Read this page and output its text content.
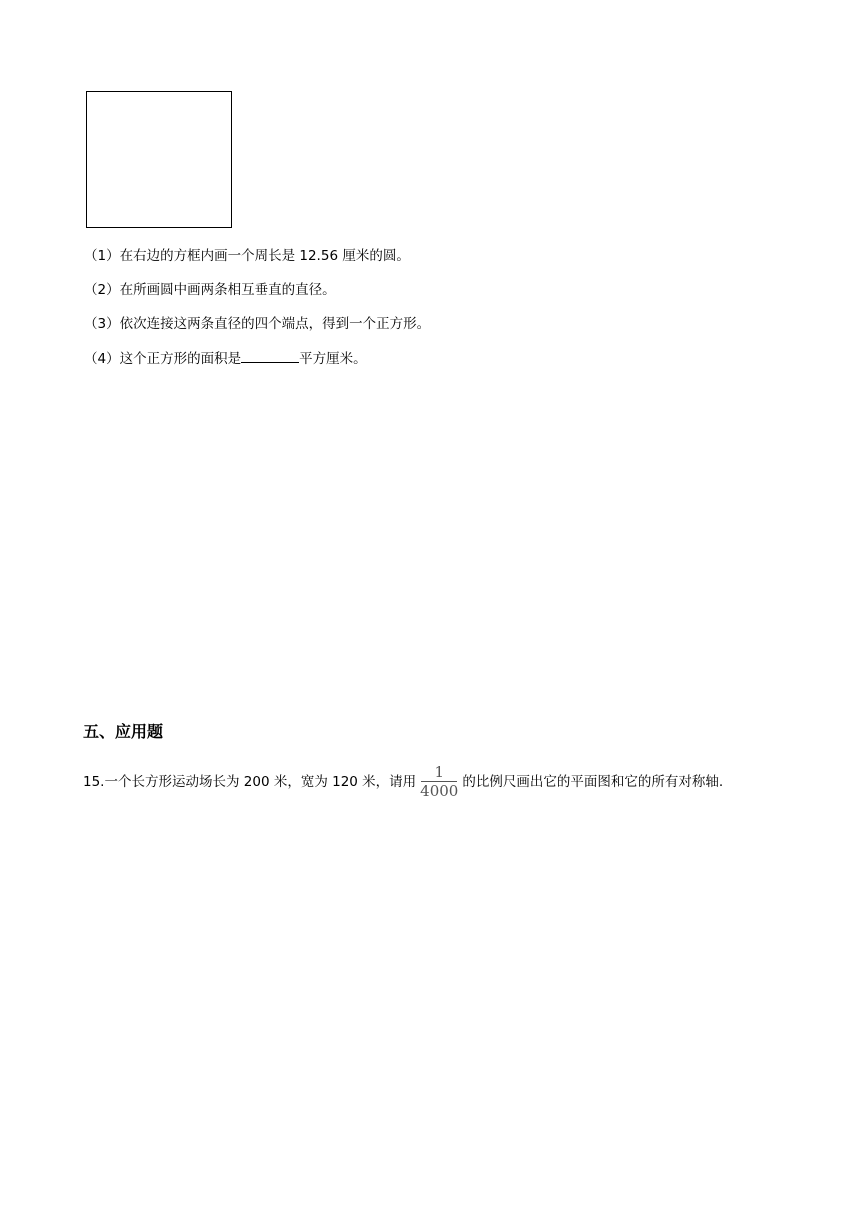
（1）在右边的方框内画一个周长是 12.56 厘米的圆。
（2）在所画圆中画两条相互垂直的直径。
（3）依次连接这两条直径的四个端点，得到一个正方形。
（4）这个正方形的面积是	平方厘米。
五、应用题
15.一个长方形运动场长为 200 米，宽为 120 米，请用 $\frac{1}{4000}$ 的比例尺画出它的平面图和它的所有对称轴.
